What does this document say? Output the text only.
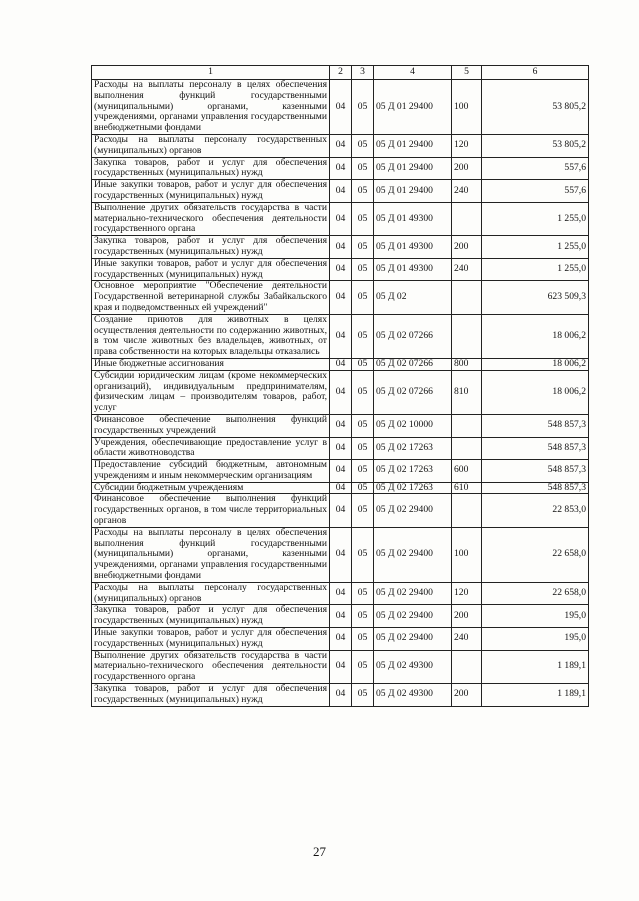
1	2	3	4	5	6
Расходы на выплаты персоналу в целях обеспечения выполнения функций государственными (муниципальными) органами, казенными учреждениями, органами управления государственными внебюджетными фондами	04	05	05 Д 01 29400	100	53 805,2
Расходы на выплаты персоналу государственных (муниципальных) органов	04	05	05 Д 01 29400	120	53 805,2
Закупка товаров, работ и услуг для обеспечения государственных (муниципальных) нужд	04	05	05 Д 01 29400	200	557,6
Иные закупки товаров, работ и услуг для обеспечения государственных (муниципальных) нужд	04	05	05 Д 01 29400	240	557,6
Выполнение других обязательств государства в части материально-технического обеспечения деятельности государственного органа	04	05	05 Д 01 49300		1 255,0
Закупка товаров, работ и услуг для обеспечения государственных (муниципальных) нужд	04	05	05 Д 01 49300	200	1 255,0
Иные закупки товаров, работ и услуг для обеспечения государственных (муниципальных) нужд	04	05	05 Д 01 49300	240	1 255,0
Основное мероприятие "Обеспечение деятельности Государственной ветеринарной службы Забайкальского края и подведомственных ей учреждений"	04	05	05 Д 02		623 509,3
Создание приютов для животных в целях осуществления деятельности по содержанию животных, в том числе животных без владельцев, животных, от права собственности на которых владельцы отказались	04	05	05 Д 02 07266		18 006,2
Иные бюджетные ассигнования	04	05	05 Д 02 07266	800	18 006,2
Субсидии юридическим лицам (кроме некоммерческих организаций), индивидуальным предпринимателям, физическим лицам – производителям товаров, работ, услуг	04	05	05 Д 02 07266	810	18 006,2
Финансовое обеспечение выполнения функций государственных учреждений	04	05	05 Д 02 10000		548 857,3
Учреждения, обеспечивающие предоставление услуг в области животноводства	04	05	05 Д 02 17263		548 857,3
Предоставление субсидий бюджетным, автономным учреждениям и иным некоммерческим организациям	04	05	05 Д 02 17263	600	548 857,3
Субсидии бюджетным учреждениям	04	05	05 Д 02 17263	610	548 857,3
Финансовое обеспечение выполнения функций государственных органов, в том числе территориальных органов	04	05	05 Д 02 29400		22 853,0
Расходы на выплаты персоналу в целях обеспечения выполнения функций государственными (муниципальными) органами, казенными учреждениями, органами управления государственными внебюджетными фондами	04	05	05 Д 02 29400	100	22 658,0
Расходы на выплаты персоналу государственных (муниципальных) органов	04	05	05 Д 02 29400	120	22 658,0
Закупка товаров, работ и услуг для обеспечения государственных (муниципальных) нужд	04	05	05 Д 02 29400	200	195,0
Иные закупки товаров, работ и услуг для обеспечения государственных (муниципальных) нужд	04	05	05 Д 02 29400	240	195,0
Выполнение других обязательств государства в части материально-технического обеспечения деятельности государственного органа	04	05	05 Д 02 49300		1 189,1
Закупка товаров, работ и услуг для обеспечения государственных (муниципальных) нужд	04	05	05 Д 02 49300	200	1 189,1
27
